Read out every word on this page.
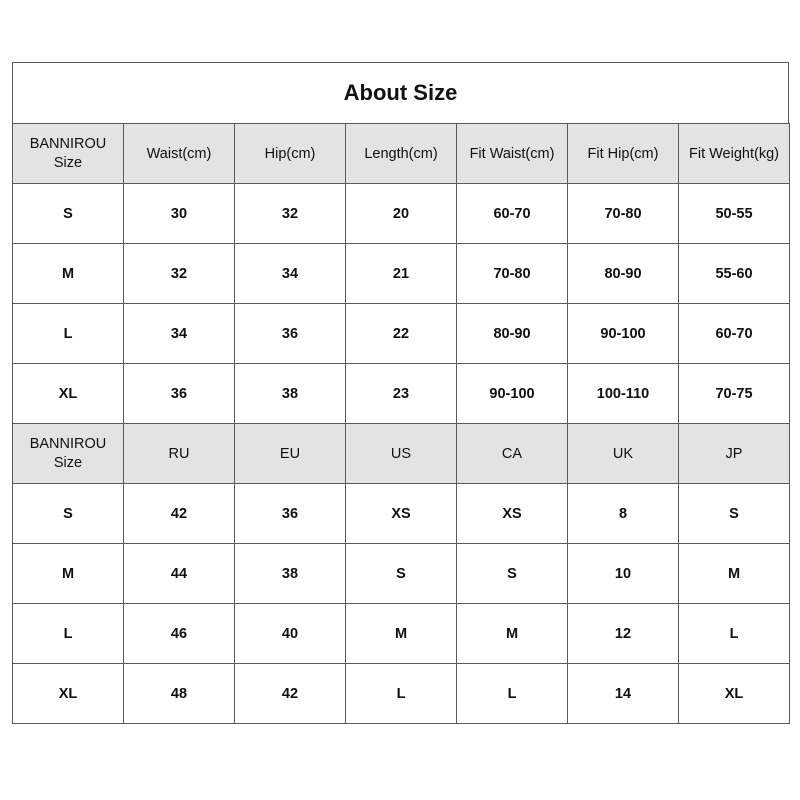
About Size
BANNIROU
Size	Waist(cm)	Hip(cm)	Length(cm)	Fit Waist(cm)	Fit Hip(cm)	Fit Weight(kg)
S	30	32	20	60-70	70-80	50-55
M	32	34	21	70-80	80-90	55-60
L	34	36	22	80-90	90-100	60-70
XL	36	38	23	90-100	100-110	70-75

BANNIROU
Size	RU	EU	US	CA	UK	JP
S	42	36	XS	XS	8	S
M	44	38	S	S	10	M
L	46	40	M	M	12	L
XL	48	42	L	L	14	XL
